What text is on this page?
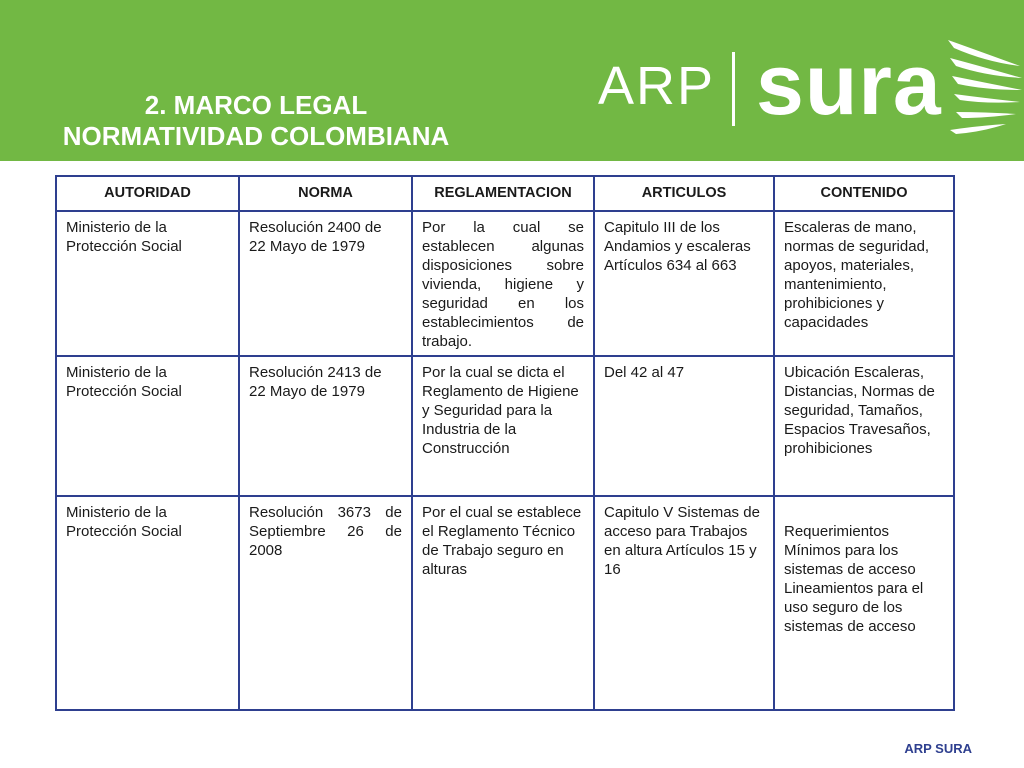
2. MARCO LEGAL
NORMATIVIDAD COLOMBIANA
ARP sura
AUTORIDAD	NORMA	REGLAMENTACION	ARTICULOS	CONTENIDO
Ministerio de la Protección Social	Resolución 2400 de 22 Mayo de 1979	Por la cual se establecen algunas disposiciones sobre vivienda, higiene y seguridad en los establecimientos de trabajo.	Capitulo III de los Andamios y escaleras Artículos 634 al 663	Escaleras de mano, normas de seguridad, apoyos, materiales, mantenimiento, prohibiciones y capacidades
Ministerio de la Protección Social	Resolución 2413 de 22 Mayo de 1979	Por la cual se dicta el Reglamento de Higiene y Seguridad para la Industria de la Construcción	Del 42 al 47	Ubicación Escaleras, Distancias, Normas de seguridad, Tamaños, Espacios Travesaños, prohibiciones
Ministerio de la Protección Social	Resolución 3673 de Septiembre 26 de 2008	Por el cual se establece el Reglamento Técnico de Trabajo seguro en alturas	Capitulo V Sistemas de acceso para Trabajos en altura Artículos 15 y 16	Requerimientos Mínimos para los sistemas de acceso Lineamientos para el uso seguro de los sistemas de acceso
ARP SURA
